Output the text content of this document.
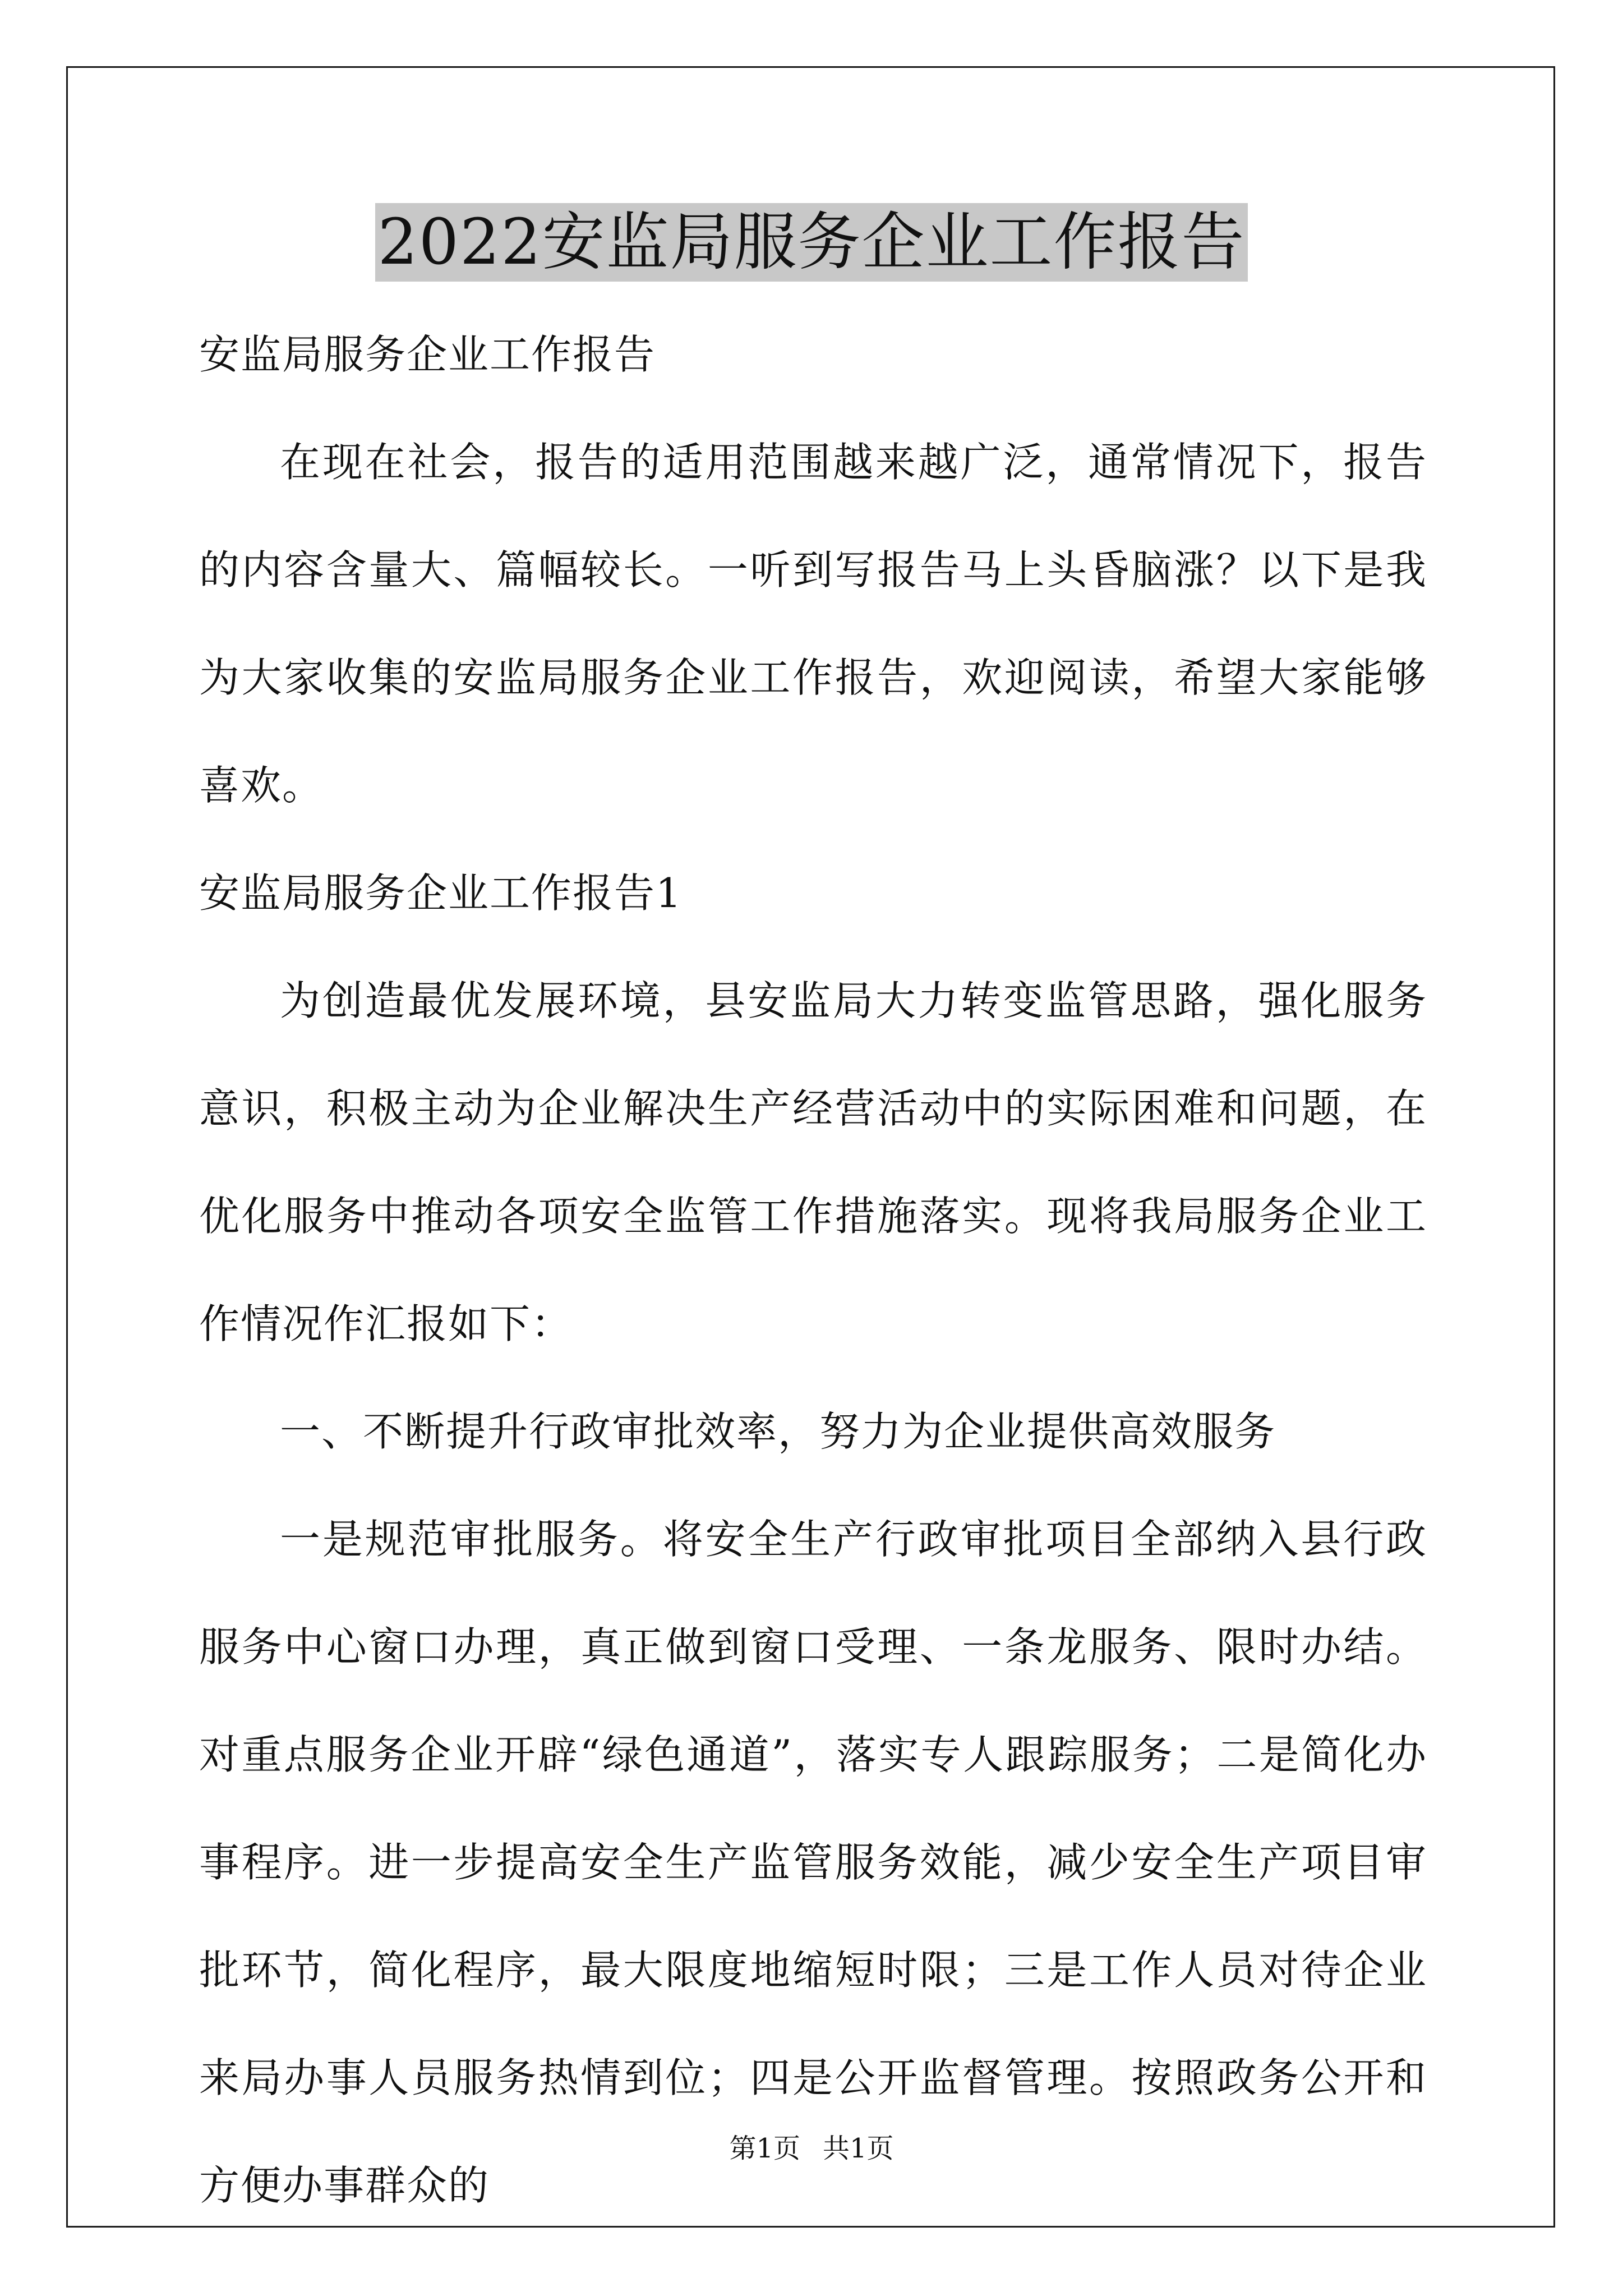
2022安监局服务企业工作报告

安监局服务企业工作报告

在现在社会，报告的适用范围越来越广泛，通常情况下，报告的内容含量大、篇幅较长。一听到写报告马上头昏脑涨？以下是我为大家收集的安监局服务企业工作报告，欢迎阅读，希望大家能够喜欢。

安监局服务企业工作报告1

为创造最优发展环境，县安监局大力转变监管思路，强化服务意识，积极主动为企业解决生产经营活动中的实际困难和问题，在优化服务中推动各项安全监管工作措施落实。现将我局服务企业工作情况作汇报如下：

一、不断提升行政审批效率，努力为企业提供高效服务

一是规范审批服务。将安全生产行政审批项目全部纳入县行政服务中心窗口办理，真正做到窗口受理、一条龙服务、限时办结。对重点服务企业开辟“绿色通道”，落实专人跟踪服务；二是简化办事程序。进一步提高安全生产监管服务效能，减少安全生产项目审批环节，简化程序，最大限度地缩短时限；三是工作人员对待企业来局办事人员服务热情到位；四是公开监督管理。按照政务公开和方便办事群众的

第1页 共1页
